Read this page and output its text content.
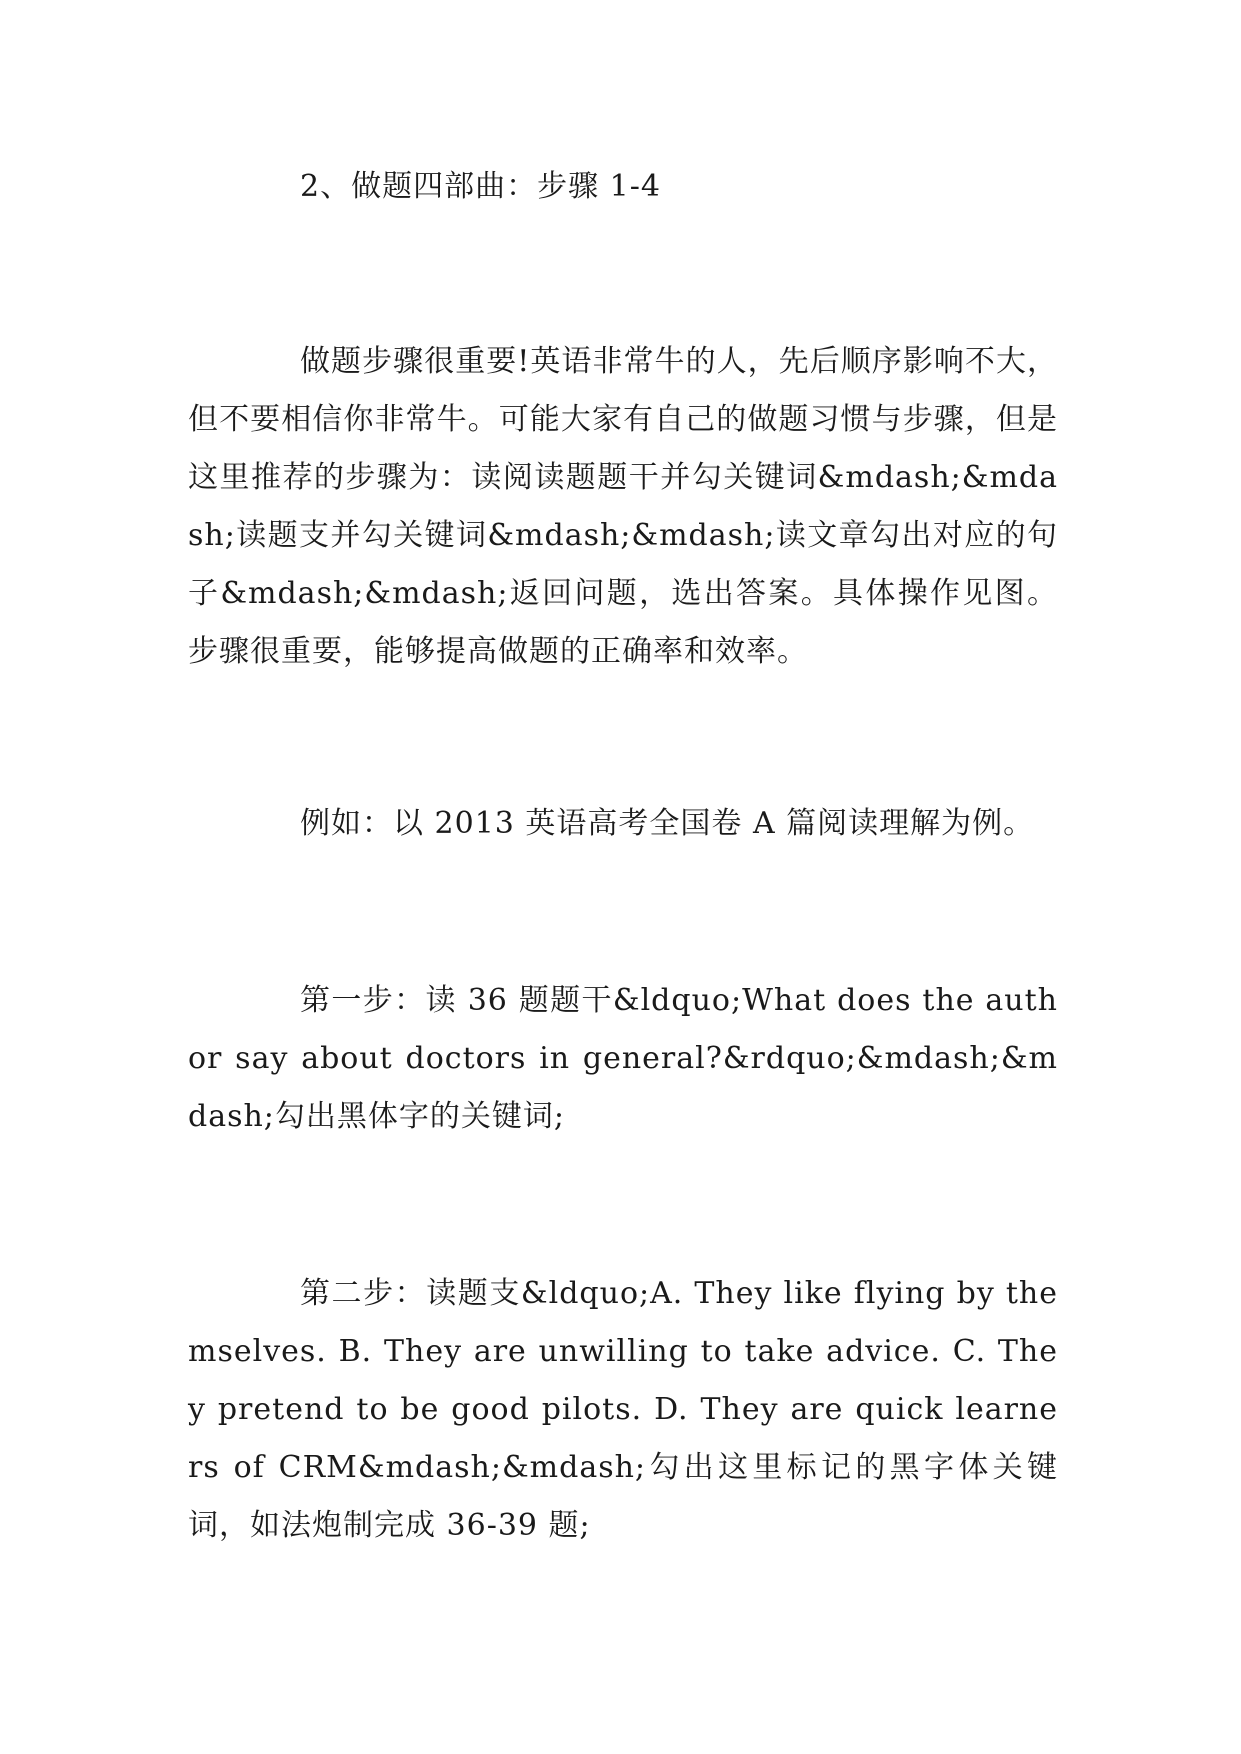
2、做题四部曲：步骤 1-4

做题步骤很重要!英语非常牛的人，先后顺序影响不大，但不要相信你非常牛。可能大家有自己的做题习惯与步骤，但是这里推荐的步骤为：读阅读题题干并勾关键词&mdash;&mdash;读题支并勾关键词&mdash;&mdash;读文章勾出对应的句子&mdash;&mdash;返回问题，选出答案。具体操作见图。步骤很重要，能够提高做题的正确率和效率。

例如：以 2013 英语高考全国卷 A 篇阅读理解为例。

第一步：读 36 题题干&ldquo;What does the author say about doctors in general?&rdquo;&mdash;&mdash;勾出黑体字的关键词;

第二步：读题支&ldquo;A. They like flying by themselves. B. They are unwilling to take advice. C. They pretend to be good pilots. D. They are quick learners of CRM&mdash;&mdash;勾出这里标记的黑字体关键词，如法炮制完成 36-39 题;
